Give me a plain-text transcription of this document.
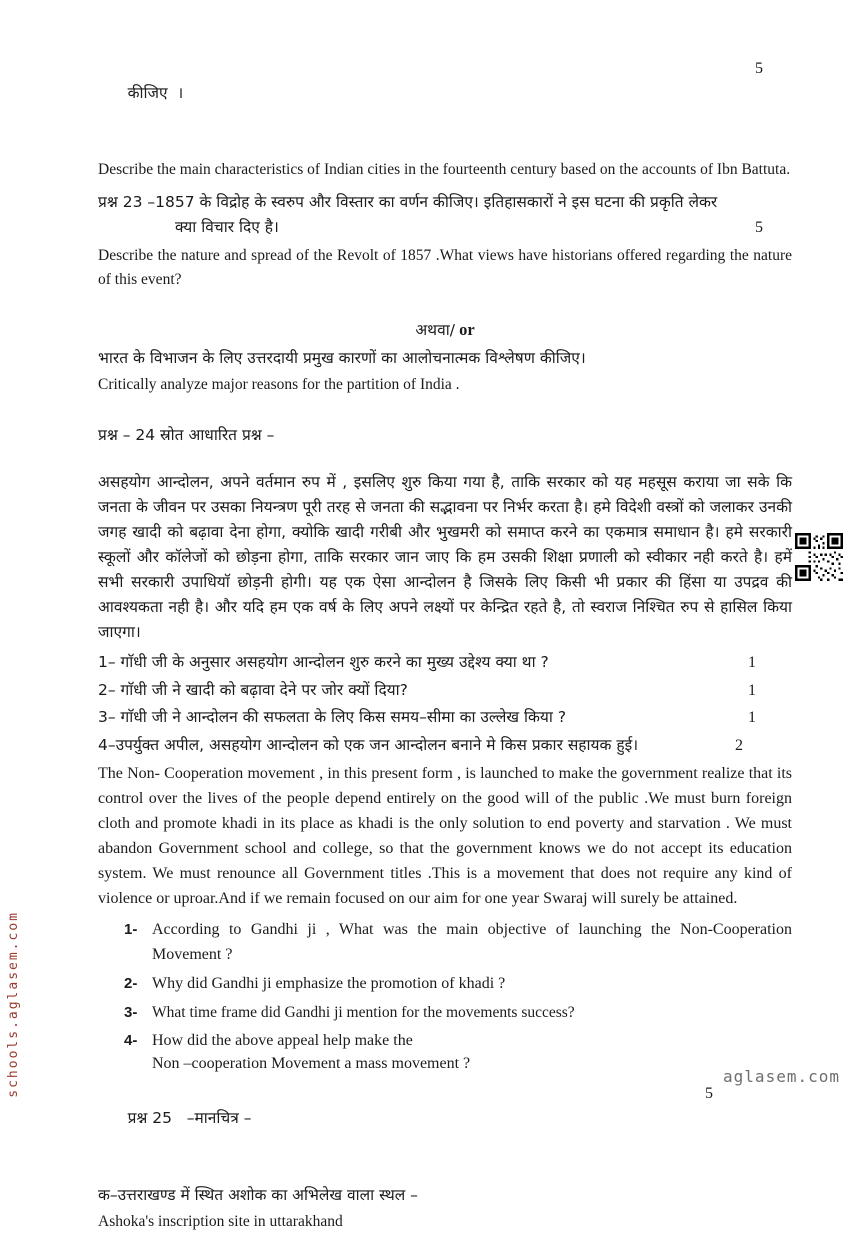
कीजिए  ।

5

Describe the main characteristics of Indian cities in the fourteenth century based on the accounts of Ibn Battuta.

प्रश्न 23 –1857 के विद्रोह के स्वरुप और विस्तार का वर्णन कीजिए। इतिहासकारों ने इस घटना की प्रकृति लेकर
क्या विचार दिए है।	5

Describe the nature and spread of the Revolt of 1857 .What views have historians offered regarding the nature of this event?

अथवा/ or
भारत के विभाजन के लिए उत्तरदायी प्रमुख कारणों का आलोचनात्मक विश्लेषण कीजिए।

Critically analyze major reasons for the partition of India .

प्रश्न – 24 स्रोत आधारित प्रश्न –

असहयोग आन्दोलन, अपने वर्तमान रुप में , इसलिए शुरु किया गया है, ताकि सरकार को यह महसूस कराया जा सके कि जनता के जीवन पर उसका नियन्त्रण पूरी तरह से जनता की सद्भावना पर निर्भर करता है। हमे विदेशी वस्त्रों को जलाकर उनकी जगह खादी को बढ़ावा देना होगा, क्योकि खादी गरीबी और भुखमरी को समाप्त करने का एकमात्र समाधान है। हमे सरकारी स्कूलों और कॉलेजों को छोड़ना होगा, ताकि सरकार जान जाए कि हम उसकी शिक्षा प्रणाली को स्वीकार नही करते है। हमें सभी सरकारी उपाधियाॅ छोड़नी होगी। यह एक ऐसा आन्दोलन है जिसके लिए किसी भी प्रकार की हिंसा या उपद्रव की आवश्यकता नही है। और यदि हम एक वर्ष के लिए अपने लक्ष्यों पर केन्द्रित रहते है, तो स्वराज निश्चित रुप से हासिल किया जाएगा।

1– गाॅधी जी के अनुसार असहयोग आन्दोलन शुरु करने का मुख्य उद्देश्य क्या था ?	1
2– गाॅधी जी ने खादी को बढ़ावा देने पर जोर क्यों दिया?	1
3– गाॅधी जी ने आन्दोलन की सफलता के लिए किस समय–सीमा का उल्लेख किया ?	1
4–उपर्युक्त अपील, असहयोग आन्दोलन को एक जन आन्दोलन बनाने मे किस प्रकार सहायक हुई।	2

The Non- Cooperation movement , in this present form , is launched to make the government realize that its control over the lives of the people depend entirely on the good will of the public .We must burn foreign cloth and promote khadi in its place as khadi is the only solution to end poverty and starvation . We must abandon Government school and college, so that the government knows we do not accept its education system. We must renounce all Government titles .This is a movement that does not require any kind of violence or uproar.And if we remain focused on our aim for one year Swaraj will surely be attained.

1- According to Gandhi ji , What was the main objective of launching the Non-Cooperation Movement ?
2- Why did Gandhi ji emphasize the promotion of khadi ?
3- What time frame did Gandhi ji mention for the movements success?
4- How did the above appeal help make the
Non –cooperation Movement a mass movement ?

प्रश्न 25   –मानचित्र –

5

क–उत्तराखण्ड में स्थित अशोक का अभिलेख वाला स्थल –

Ashoka's inscription site in uttarakhand

schools.aglasem.com	aglasem.com
